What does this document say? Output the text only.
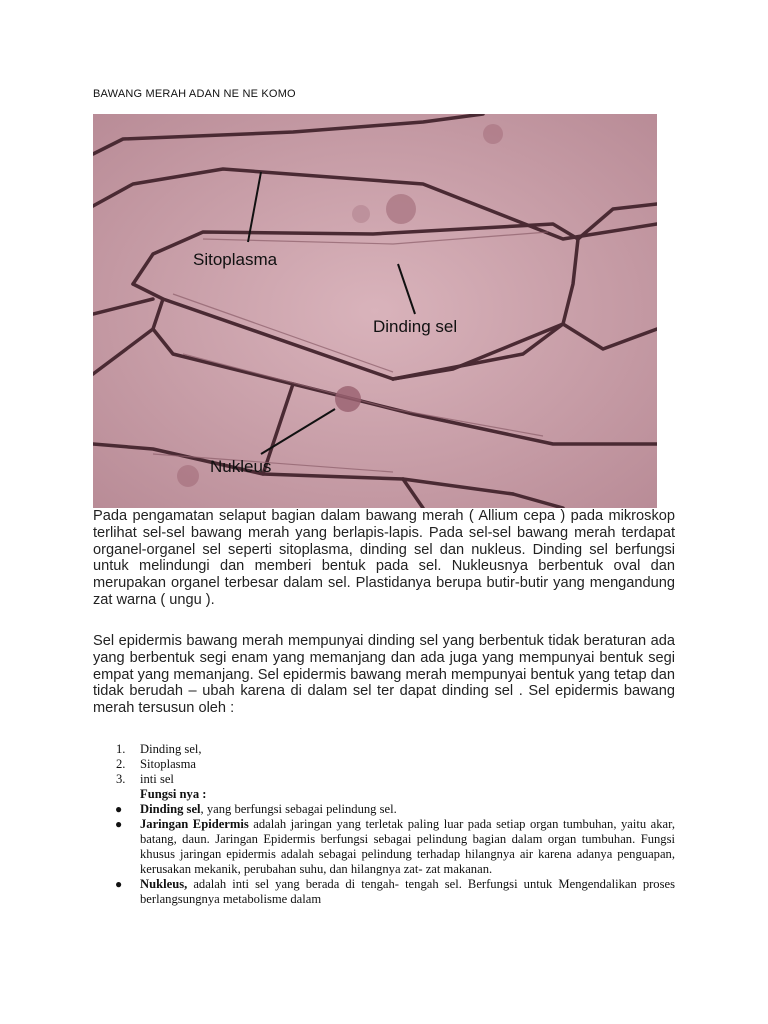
BAWANG MERAH ADAN NE NE KOMO
Sitoplasma
Dinding sel
Nukleus

Pada pengamatan selaput bagian dalam bawang merah ( Allium cepa ) pada mikroskop terlihat sel-sel bawang merah yang berlapis-lapis. Pada sel-sel bawang merah terdapat organel-organel sel seperti sitoplasma, dinding sel dan nukleus. Dinding sel berfungsi untuk melindungi dan memberi bentuk pada sel. Nukleusnya berbentuk oval dan merupakan organel terbesar dalam sel. Plastidanya berupa butir-butir yang mengandung zat warna ( ungu ).

Sel epidermis bawang merah mempunyai dinding sel yang berbentuk tidak beraturan ada yang berbentuk segi enam yang memanjang dan ada juga yang mempunyai bentuk segi empat yang memanjang. Sel epidermis bawang merah mempunyai bentuk yang tetap dan tidak berudah – ubah karena di dalam sel ter dapat dinding sel . Sel epidermis bawang merah tersusun oleh :

1.	Dinding sel,
2.	Sitoplasma
3.	inti sel
Fungsi nya :
● Dinding sel, yang berfungsi sebagai pelindung sel.
● Jaringan Epidermis adalah jaringan yang terletak paling luar pada setiap organ tumbuhan, yaitu akar, batang, daun. Jaringan Epidermis berfungsi sebagai pelindung bagian dalam organ tumbuhan. Fungsi khusus jaringan epidermis adalah sebagai pelindung terhadap hilangnya air karena adanya penguapan, kerusakan mekanik, perubahan suhu, dan hilangnya zat- zat makanan.
● Nukleus, adalah inti sel yang berada di tengah- tengah sel. Berfungsi untuk Mengendalikan proses berlangsungnya metabolisme dalam
